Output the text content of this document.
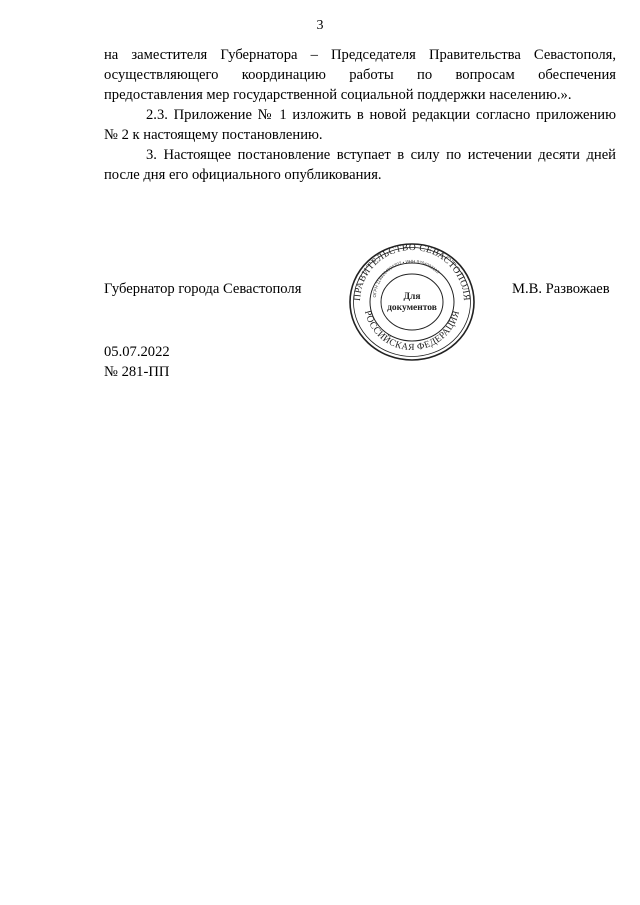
3

на заместителя Губернатора – Председателя Правительства Севастополя,
осуществляющего координацию работы по вопросам обеспечения
предоставления мер государственной социальной поддержки населению.».

2.3. Приложение № 1 изложить в новой редакции согласно приложению
№ 2 к настоящему постановлению.

3. Настоящее постановление вступает в силу по истечении десяти дней
после дня его официального опубликования.

Губернатор города Севастополя
ПРАВИТЕЛЬСТВО СЕВАСТОПОЛЯ
РОССИЙСКАЯ ФЕДЕРАЦИЯ
ОГРН 1149204004707 • ИНН 9204002115
Для
документов
М.В. Развожаев
05.07.2022
№ 281-ПП
